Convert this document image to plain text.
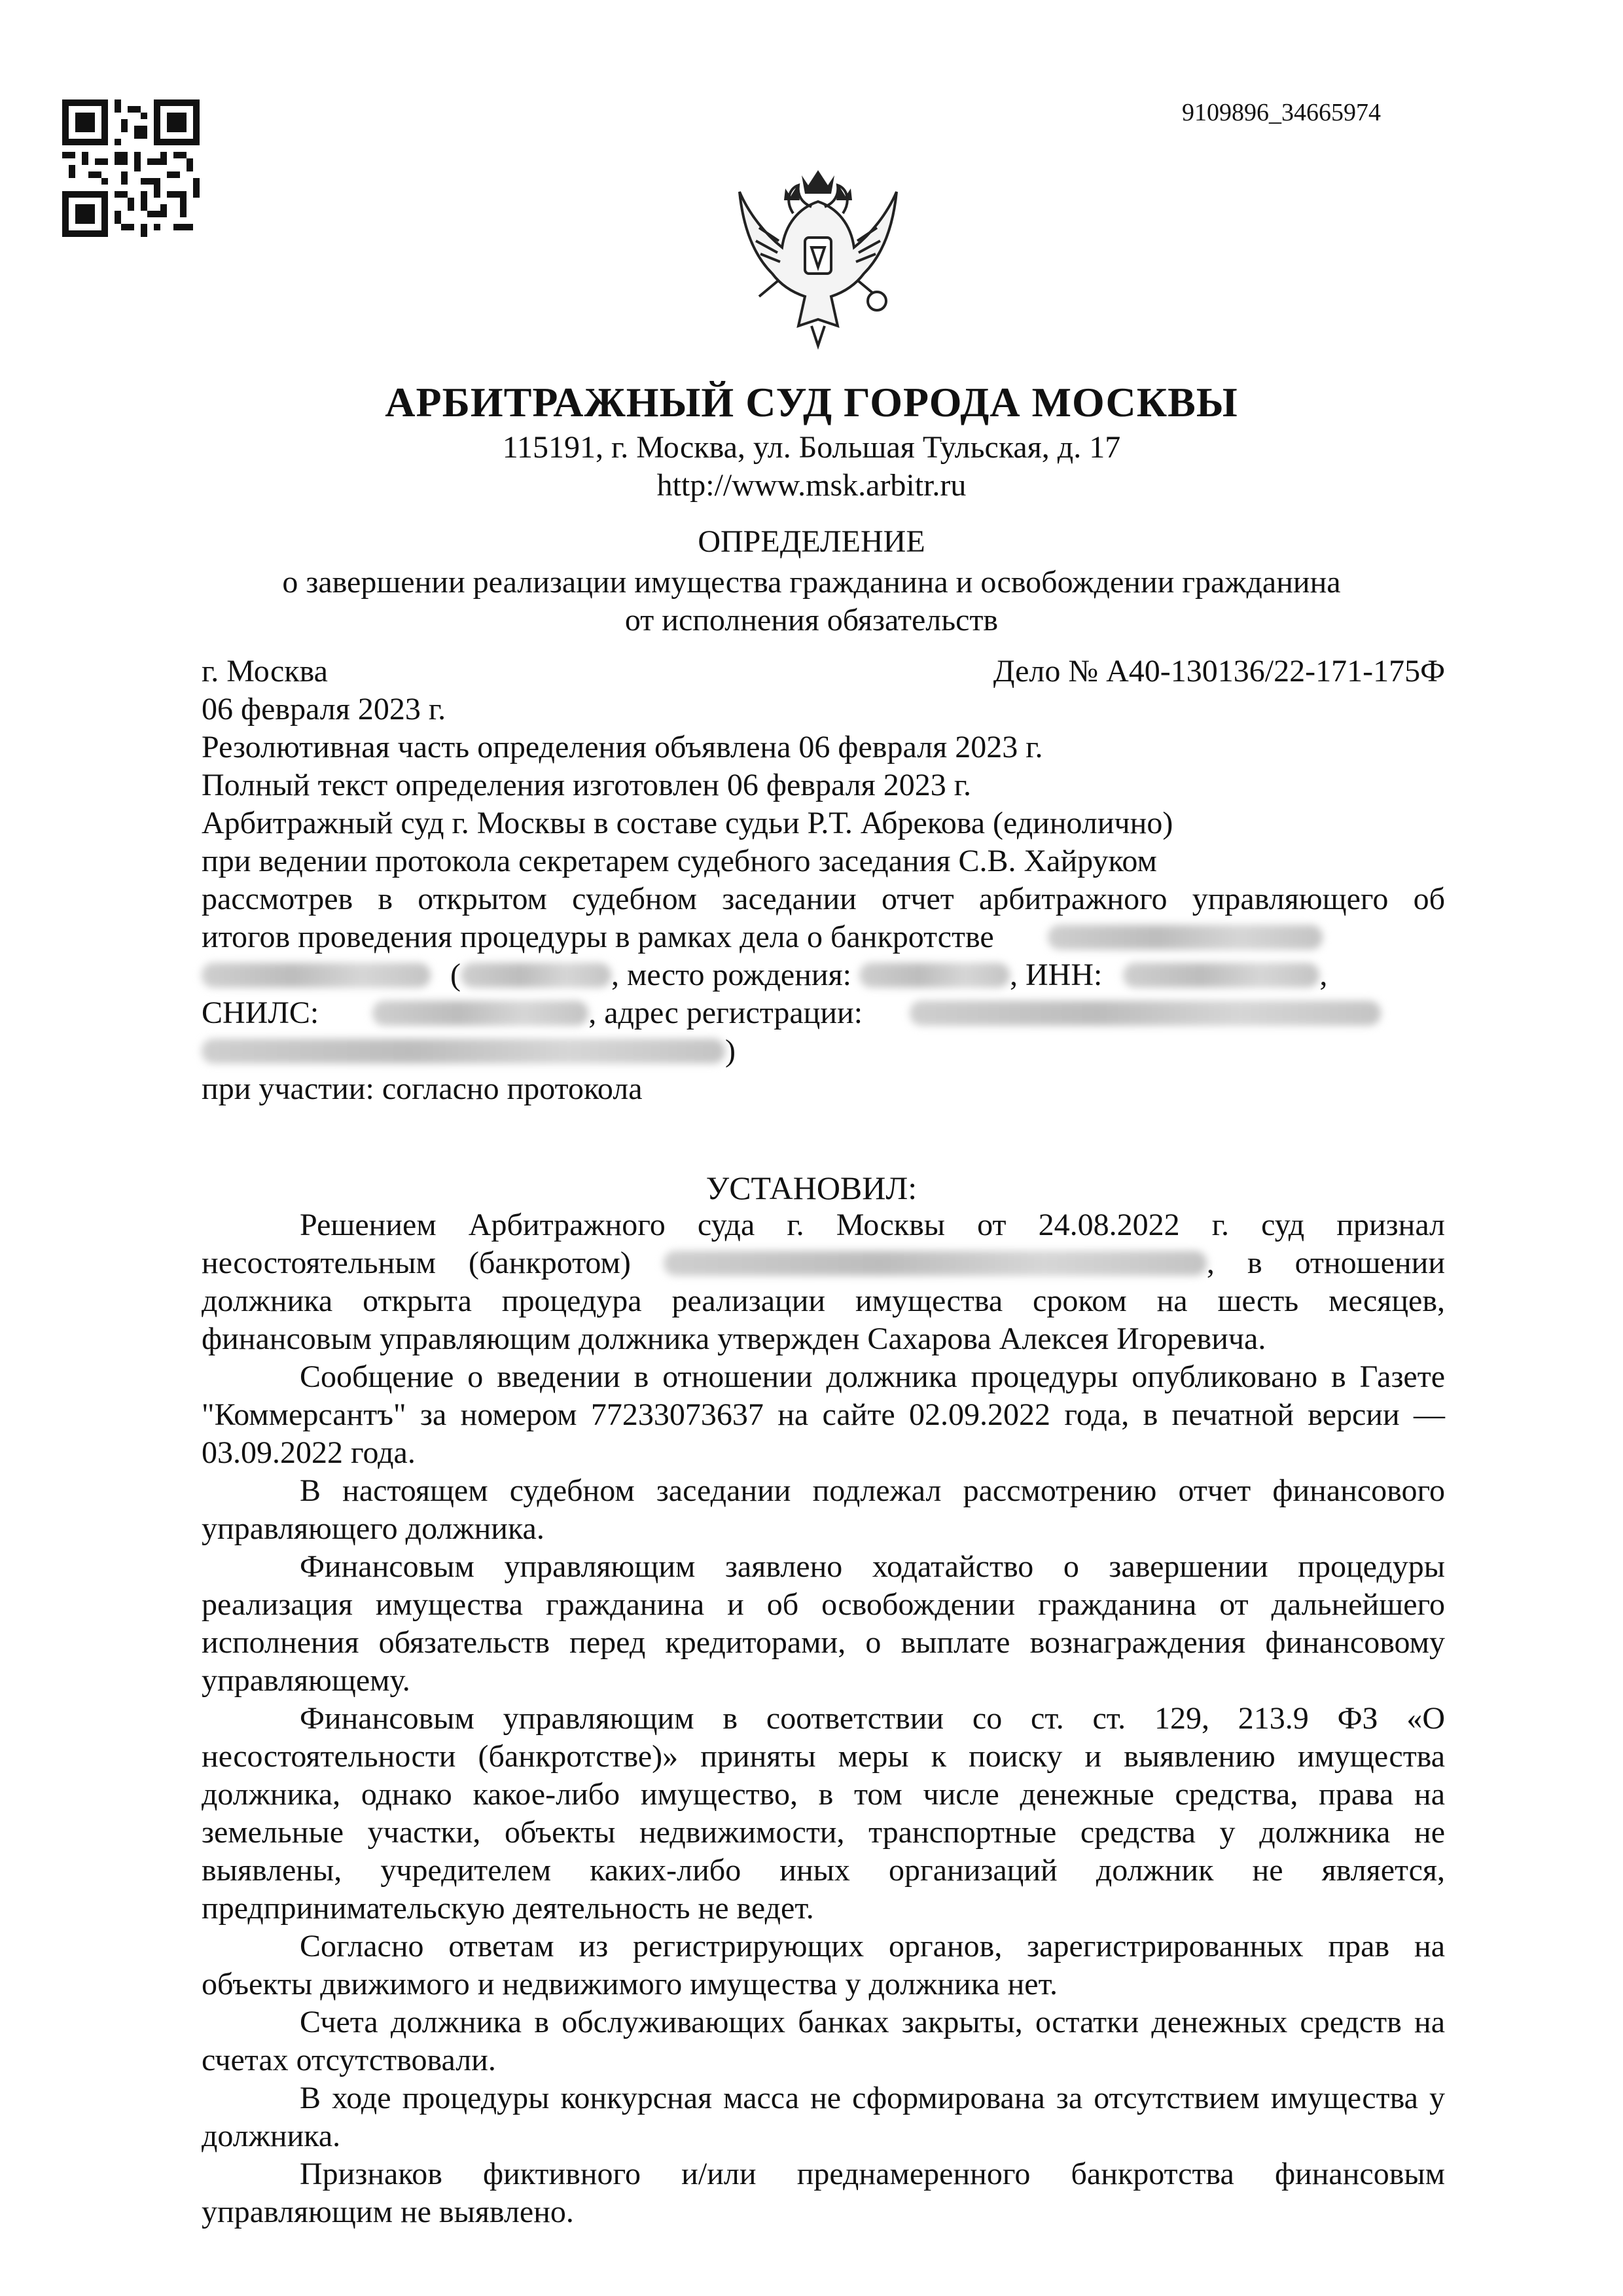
9109896_34665974
АРБИТРАЖНЫЙ СУД ГОРОДА МОСКВЫ
115191, г. Москва, ул. Большая Тульская, д. 17
http://www.msk.arbitr.ru
ОПРЕДЕЛЕНИЕ
о завершении реализации имущества гражданина и освобождении гражданина
от исполнения обязательств
г. Москва	Дело № А40-130136/22-171-175Ф
06 февраля 2023 г.
Резолютивная часть определения объявлена 06 февраля 2023 г.
Полный текст определения изготовлен 06 февраля 2023 г.
Арбитражный суд г. Москвы в составе судьи Р.Т. Абрекова (единолично)
при ведении протокола секретарем судебного заседания С.В. Хайруком
рассмотрев в открытом судебном заседании отчет арбитражного управляющего об
итогов проведения процедуры в рамках дела о банкротстве
(	, место рождения:	, ИНН:	,
СНИЛС:	, адрес регистрации:
)
при участии: согласно протокола
УСТАНОВИЛ:

Решением Арбитражного суда г. Москвы от 24.08.2022 г. суд признал несостоятельным (банкротом)	, в отношении должника открыта процедура реализации имущества сроком на шесть месяцев, финансовым управляющим должника утвержден Сахарова Алексея Игоревича.

Сообщение о введении в отношении должника процедуры опубликовано в Газете "Коммерсантъ" за номером 77233073637 на сайте 02.09.2022 года, в печатной версии — 03.09.2022 года.

В настоящем судебном заседании подлежал рассмотрению отчет финансового управляющего должника.

Финансовым управляющим заявлено ходатайство о завершении процедуры реализация имущества гражданина и об освобождении гражданина от дальнейшего исполнения обязательств перед кредиторами, о выплате вознаграждения финансовому управляющему.

Финансовым управляющим в соответствии со ст. ст. 129, 213.9 ФЗ «О несостоятельности (банкротстве)» приняты меры к поиску и выявлению имущества должника, однако какое-либо имущество, в том числе денежные средства, права на земельные участки, объекты недвижимости, транспортные средства у должника не выявлены, учредителем каких-либо иных организаций должник не является, предпринимательскую деятельность не ведет.

Согласно ответам из регистрирующих органов, зарегистрированных прав на объекты движимого и недвижимого имущества у должника нет.

Счета должника в обслуживающих банках закрыты, остатки денежных средств на счетах отсутствовали.

В ходе процедуры конкурсная масса не сформирована за отсутствием имущества у должника.

Признаков фиктивного и/или преднамеренного банкротства финансовым управляющим не выявлено.
